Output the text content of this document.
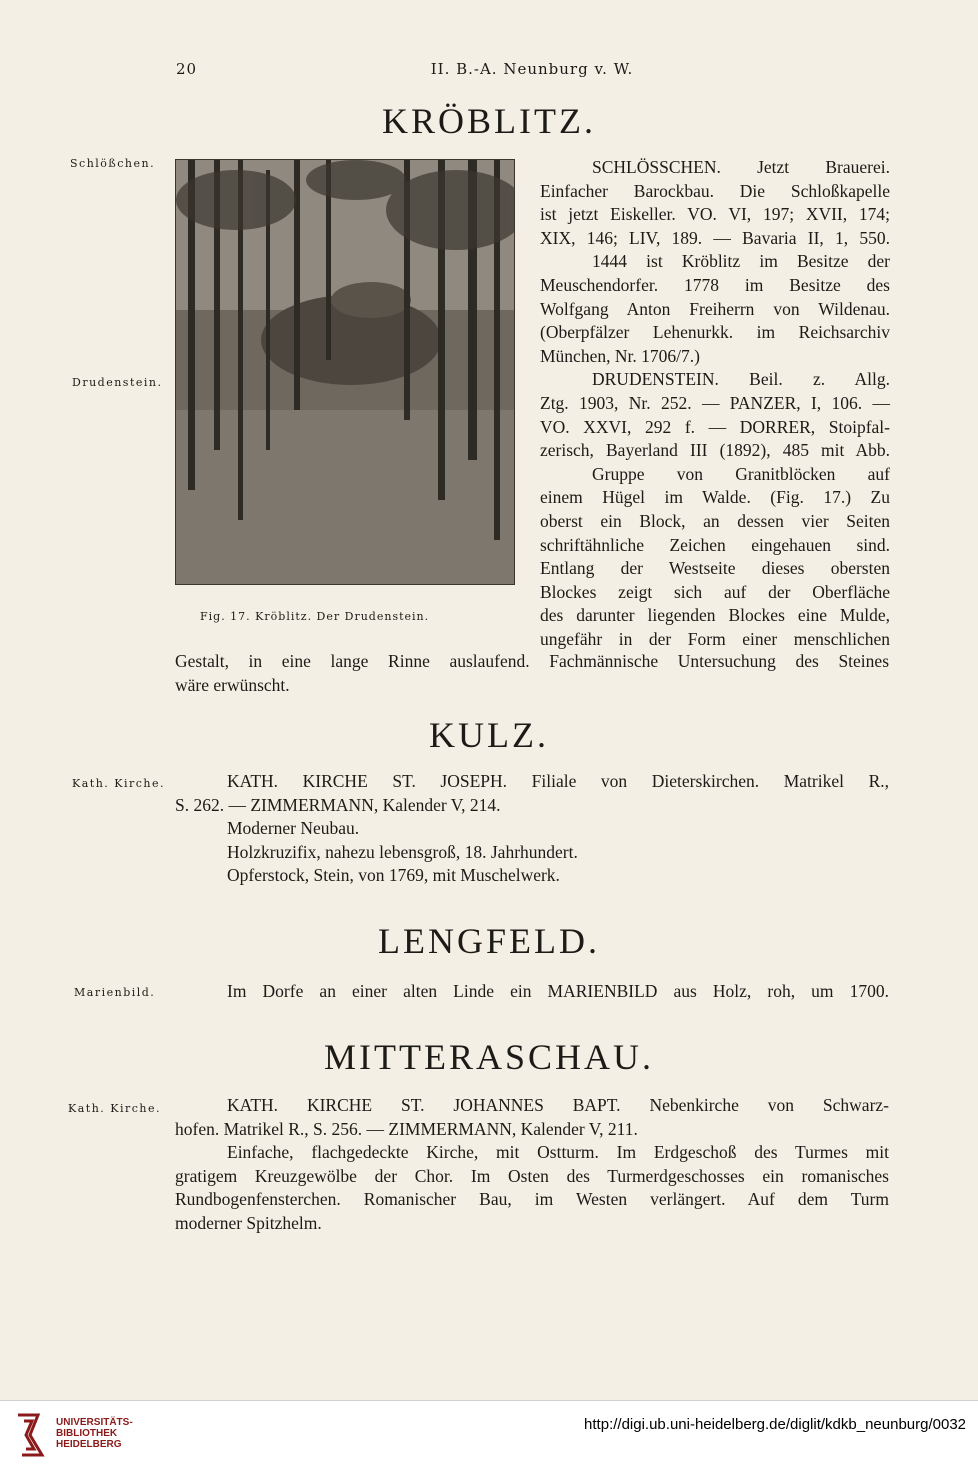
20	II. B.-A. Neunburg v. W.
KRÖBLITZ.
Schlößchen.
Drudenstein.
Fig. 17. Kröblitz. Der Drudenstein.
SCHLÖSSCHEN. Jetzt Brauerei.
Einfacher Barockbau. Die Schloßkapelle
ist jetzt Eiskeller. VO. VI, 197; XVII, 174;
XIX, 146; LIV, 189. — Bavaria II, 1, 550.
1444 ist Kröblitz im Besitze der
Meuschendorfer. 1778 im Besitze des
Wolfgang Anton Freiherrn von Wildenau.
(Oberpfälzer Lehenurkk. im Reichsarchiv
München, Nr. 1706/7.)
DRUDENSTEIN. Beil. z. Allg.
Ztg. 1903, Nr. 252. — PANZER, I, 106. —
VO. XXVI, 292 f. — DORRER, Stoipfal-
zerisch, Bayerland III (1892), 485 mit Abb.
Gruppe von Granitblöcken auf
einem Hügel im Walde. (Fig. 17.) Zu
oberst ein Block, an dessen vier Seiten
schriftähnliche Zeichen eingehauen sind.
Entlang der Westseite dieses obersten
Blockes zeigt sich auf der Oberfläche
des darunter liegenden Blockes eine Mulde,
ungefähr in der Form einer menschlichen
Gestalt, in eine lange Rinne auslaufend. Fachmännische Untersuchung des Steines
wäre erwünscht.
KULZ.
Kath. Kirche.	KATH. KIRCHE ST. JOSEPH. Filiale von Dieterskirchen. Matrikel R.,
S. 262. — ZIMMERMANN, Kalender V, 214.
Moderner Neubau.
Holzkruzifix, nahezu lebensgroß, 18. Jahrhundert.
Opferstock, Stein, von 1769, mit Muschelwerk.
LENGFELD.
Marienbild.	Im Dorfe an einer alten Linde ein MARIENBILD aus Holz, roh, um 1700.
MITTERASCHAU.
Kath. Kirche.	KATH. KIRCHE ST. JOHANNES BAPT. Nebenkirche von Schwarz-
hofen. Matrikel R., S. 256. — ZIMMERMANN, Kalender V, 211.
Einfache, flachgedeckte Kirche, mit Ostturm. Im Erdgeschoß des Turmes mit
gratigem Kreuzgewölbe der Chor. Im Osten des Turmerdgeschosses ein romanisches
Rundbogenfensterchen. Romanischer Bau, im Westen verlängert. Auf dem Turm
moderner Spitzhelm.
UNIVERSITÄTS-
BIBLIOTHEK
HEIDELBERG
http://digi.ub.uni-heidelberg.de/diglit/kdkb_neunburg/0032
